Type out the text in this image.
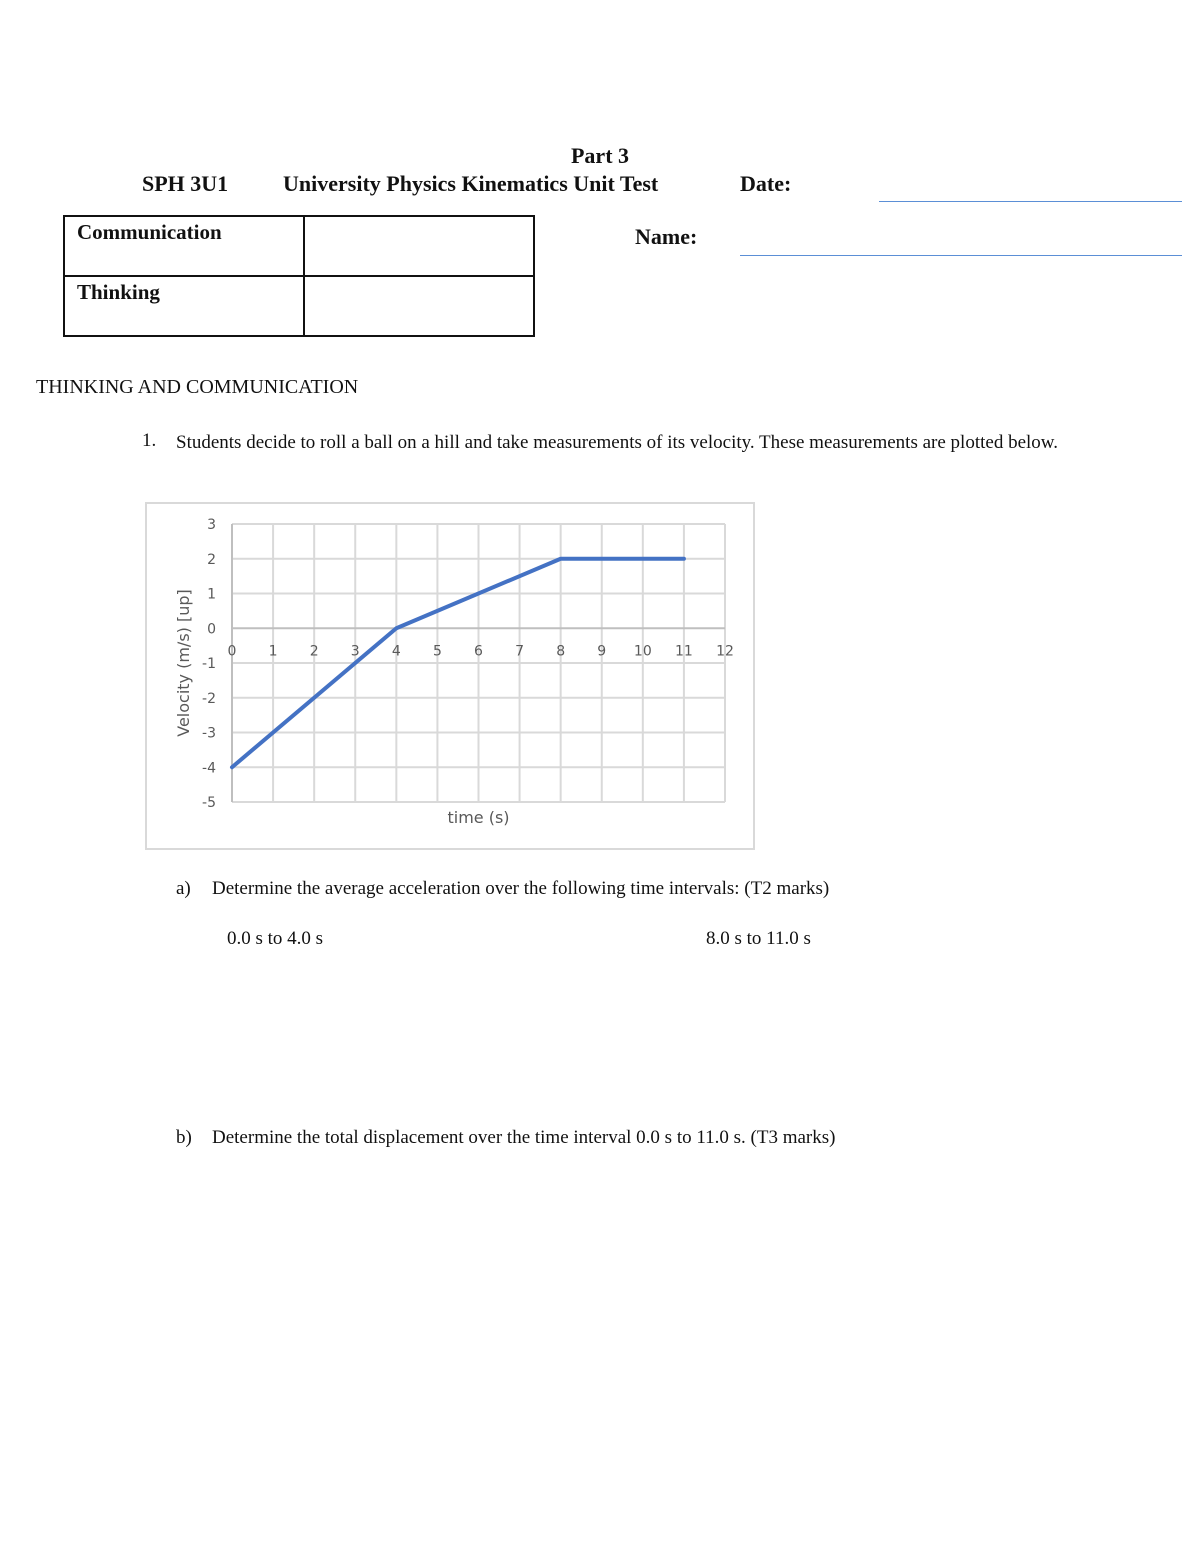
Part 3
SPH 3U1 University Physics Kinematics Unit Test	Date:
Name:
Communication	
Thinking	
THINKING AND COMMUNICATION
1. Students decide to roll a ball on a hill and take measurements of its velocity. These measurements are plotted below.
3
2
1
0
-1
-2
-3
-4
-5
0 1 2 3 4 5 6 7 8 9 10 11 12
time (s)
Velocity (m/s) [up]
a) Determine the average acceleration over the following time intervals: (T2 marks)
0.0 s to 4.0 s	8.0 s to 11.0 s
b) Determine the total displacement over the time interval 0.0 s to 11.0 s. (T3 marks)
